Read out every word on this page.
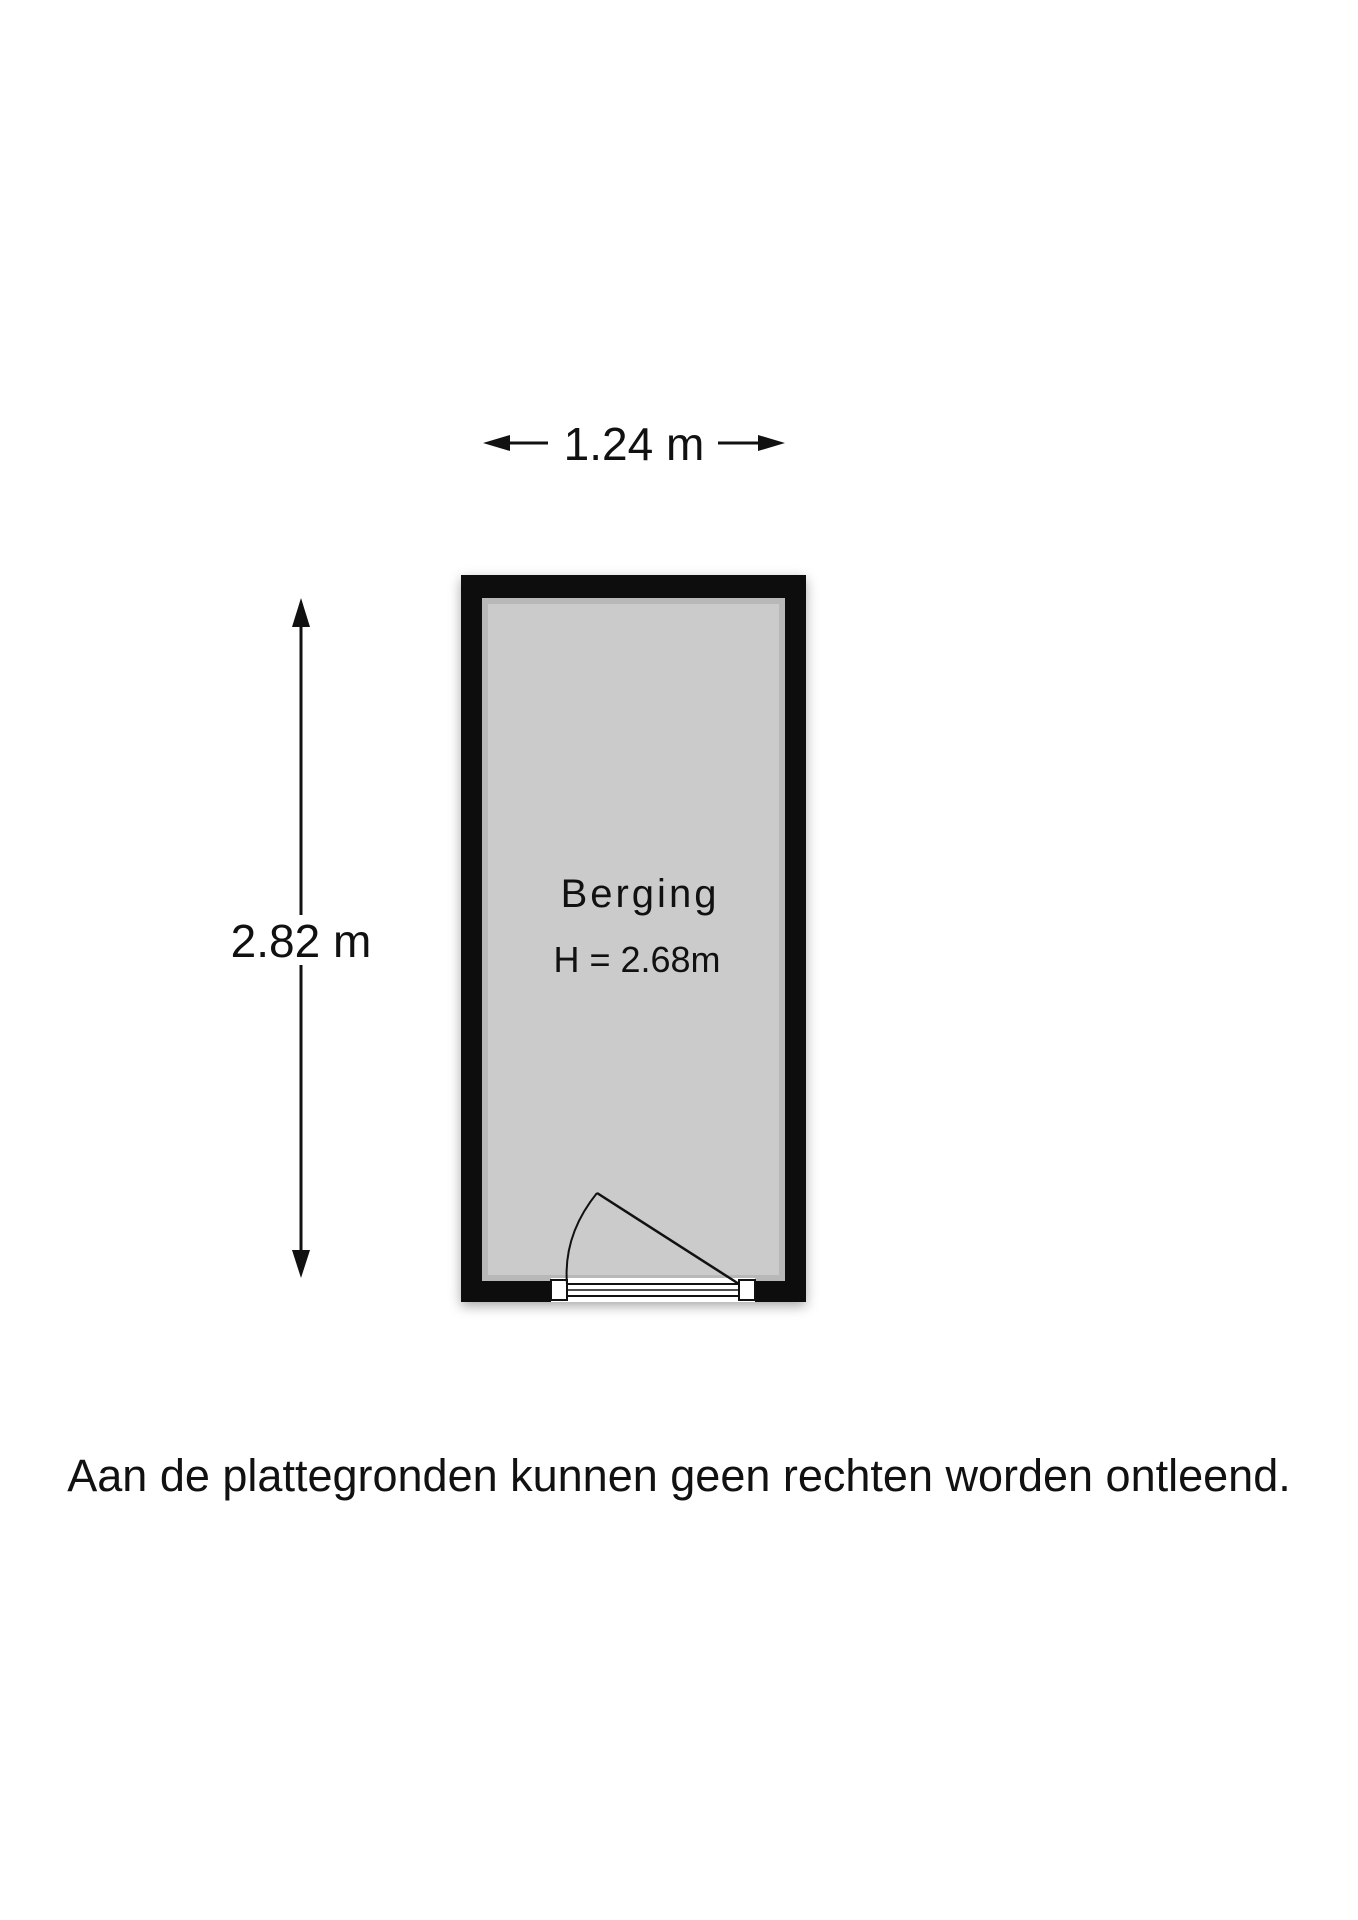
1.24 m
2.82 m
Berging
H = 2.68m
Aan de plattegronden kunnen geen rechten worden ontleend.
